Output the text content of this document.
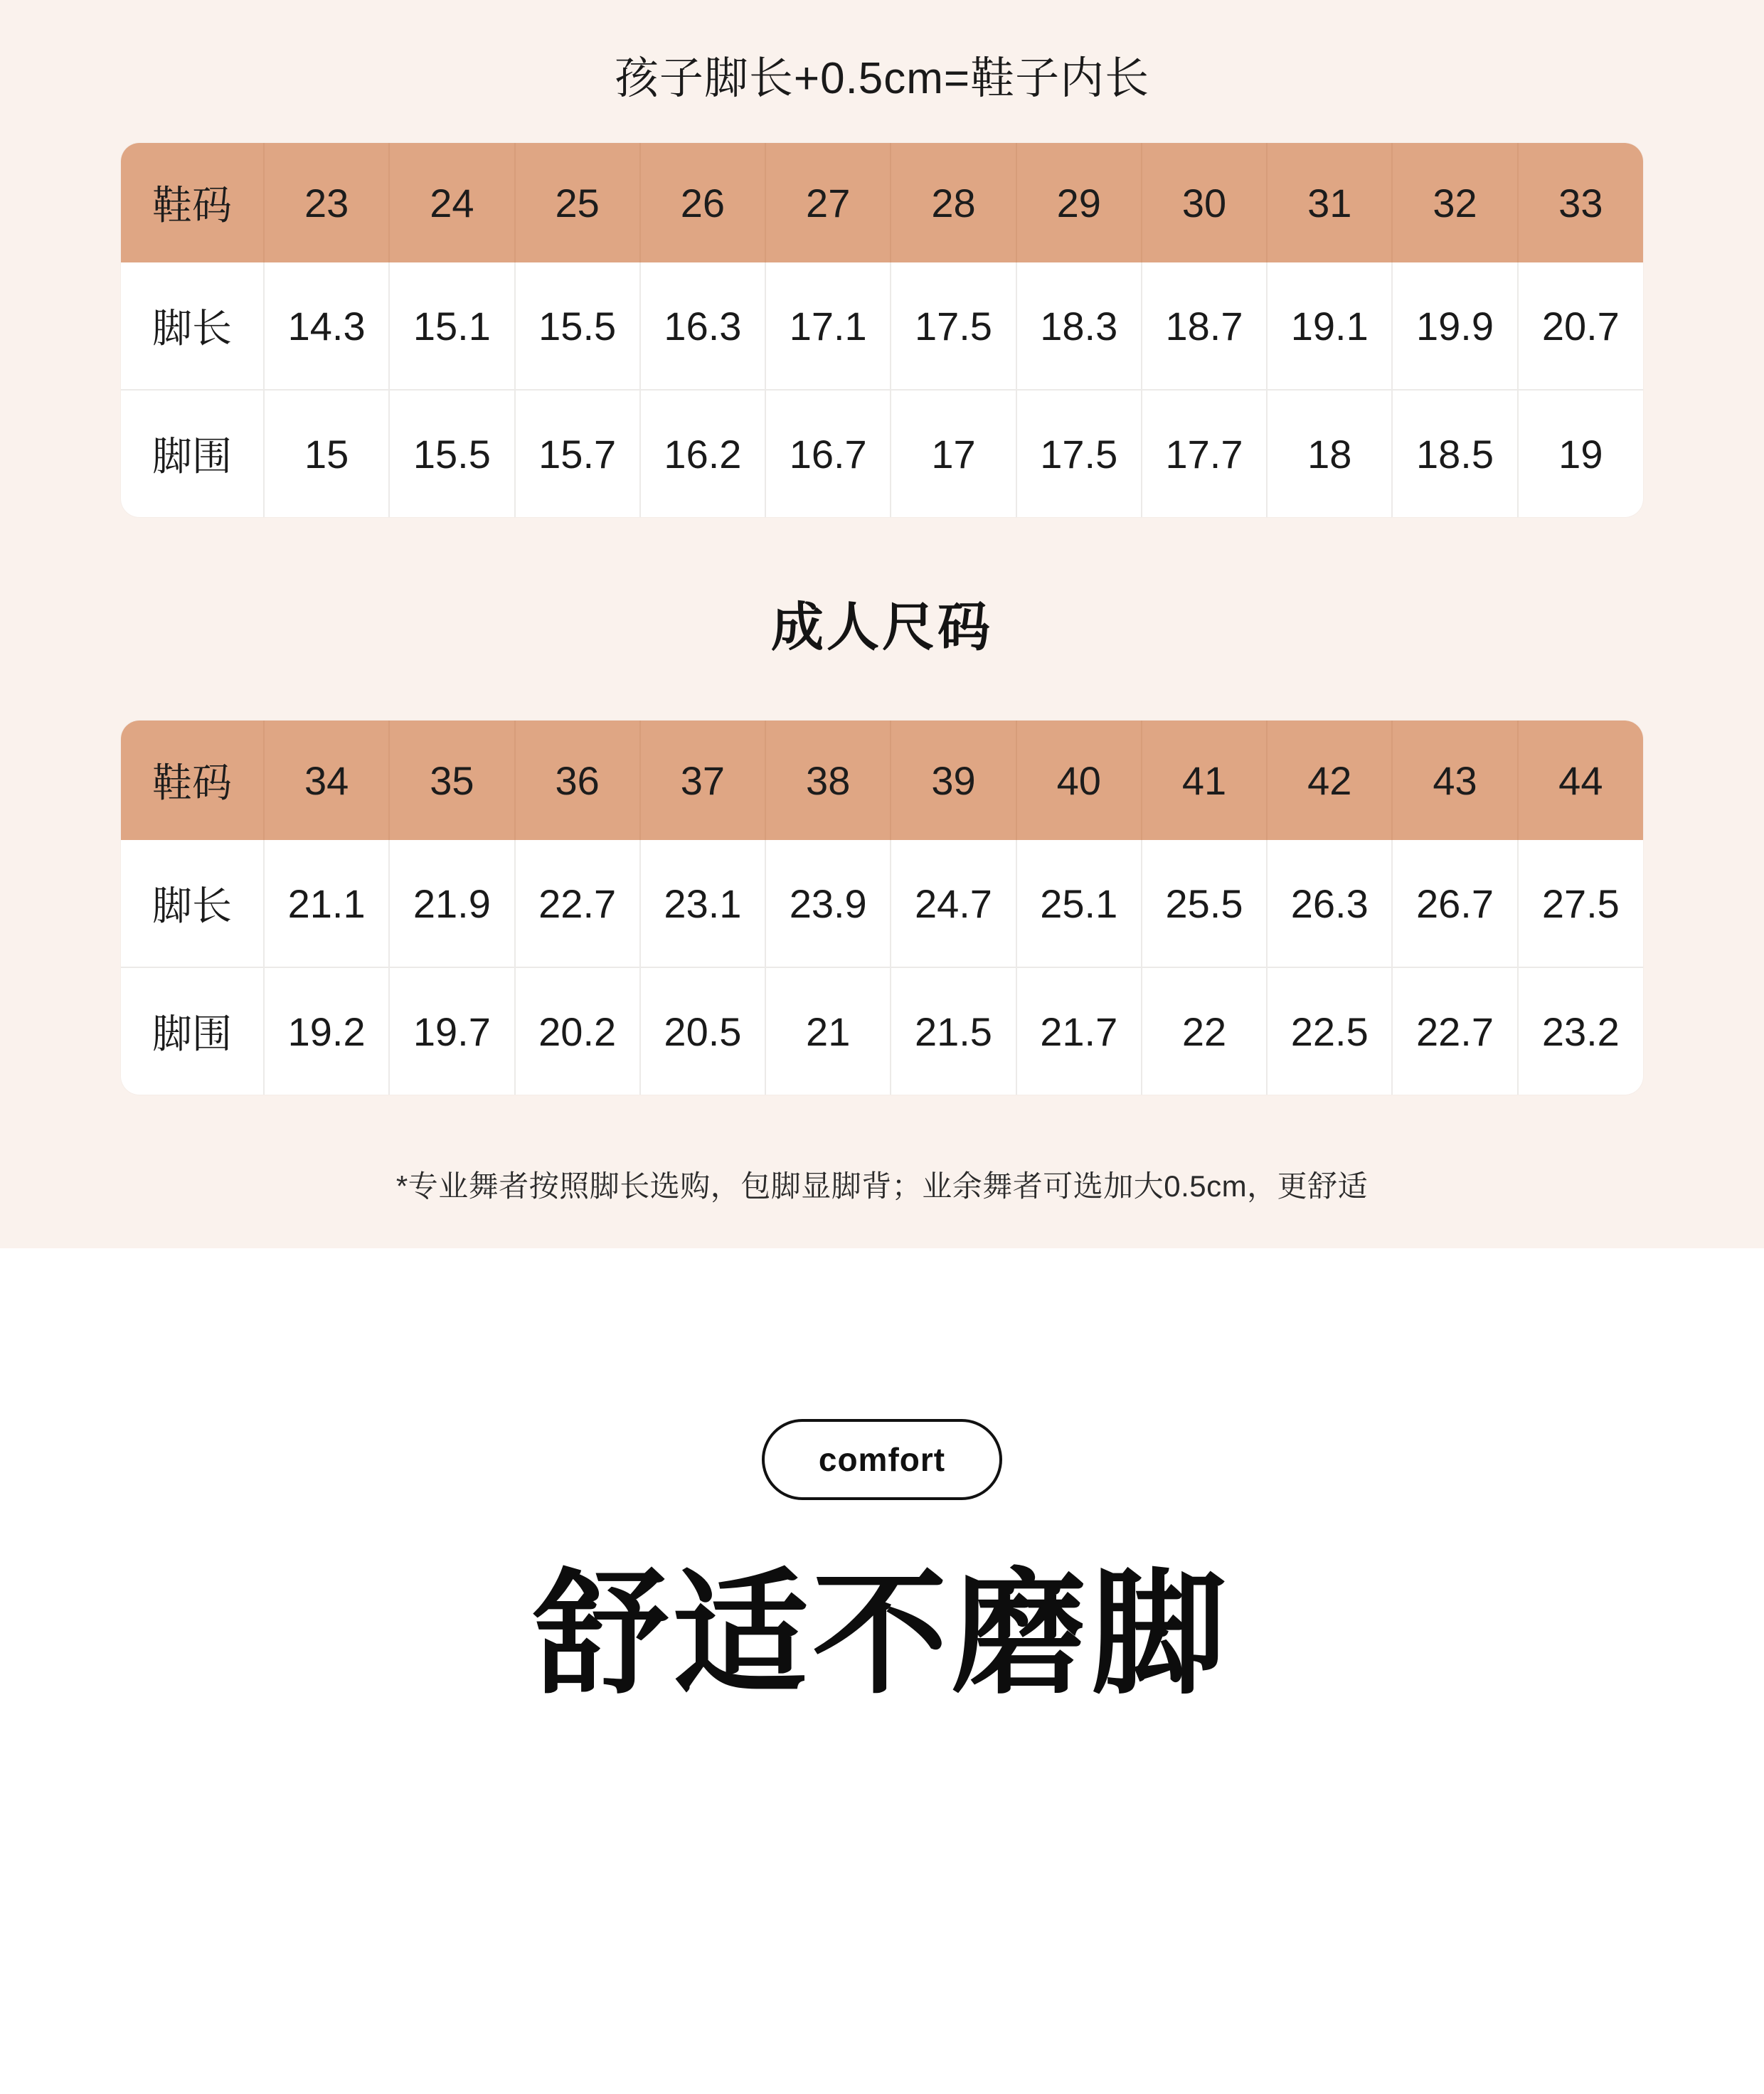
孩子脚长+0.5cm=鞋子内长
鞋码	23	24	25	26	27	28	29	30	31	32	33
脚长	14.3	15.1	15.5	16.3	17.1	17.5	18.3	18.7	19.1	19.9	20.7
脚围	15	15.5	15.7	16.2	16.7	17	17.5	17.7	18	18.5	19
成人尺码
鞋码	34	35	36	37	38	39	40	41	42	43	44
脚长	21.1	21.9	22.7	23.1	23.9	24.7	25.1	25.5	26.3	26.7	27.5
脚围	19.2	19.7	20.2	20.5	21	21.5	21.7	22	22.5	22.7	23.2
*专业舞者按照脚长选购，包脚显脚背；业余舞者可选加大0.5cm，更舒适
comfort
舒适不磨脚
